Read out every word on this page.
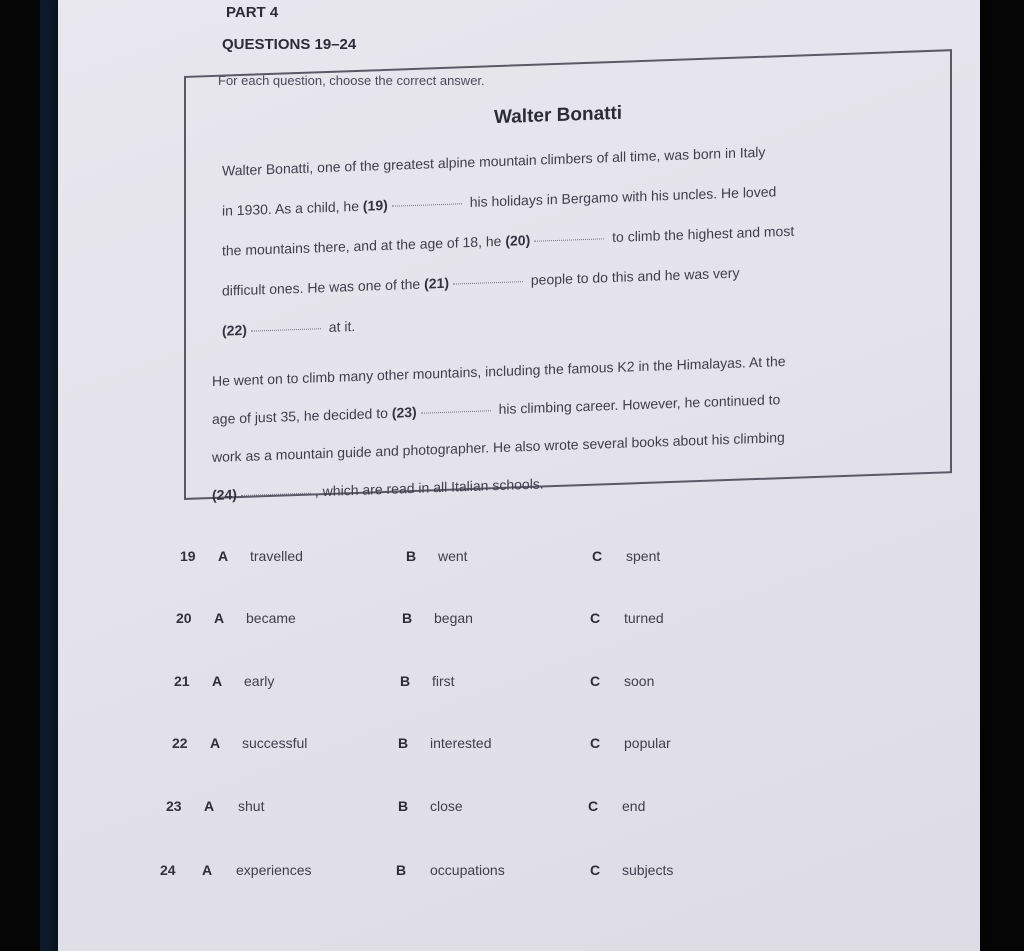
PART 4
QUESTIONS 19–24
For each question, choose the correct answer.
Walter Bonatti
Walter Bonatti, one of the greatest alpine mountain climbers of all time, was born in Italy
in 1930. As a child, he (19)	his holidays in Bergamo with his uncles. He loved
the mountains there, and at the age of 18, he (20)	to climb the highest and most
difficult ones. He was one of the (21)	people to do this and he was very
(22)	at it.
He went on to climb many other mountains, including the famous K2 in the Himalayas. At the
age of just 35, he decided to (23)	his climbing career. However, he continued to
work as a mountain guide and photographer. He also wrote several books about his climbing
(24)	, which are read in all Italian schools.
19 A travelled	B went	C spent
20 A became	B began	C turned
21 A early	B first	C soon
22 A successful	B interested	C popular
23 A shut	B close	C end
24 A experiences	B occupations	C subjects
